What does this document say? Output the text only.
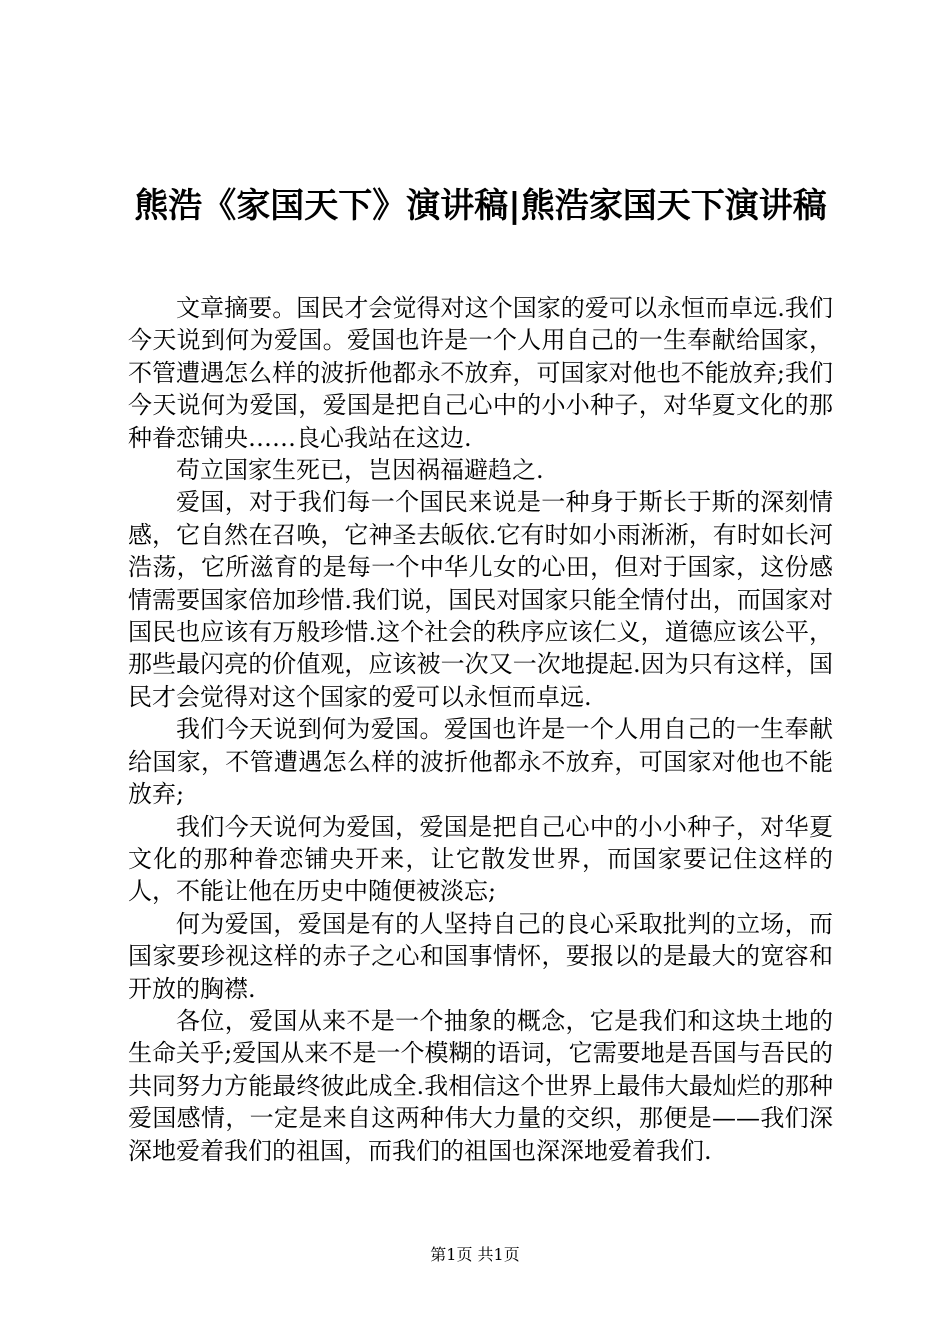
熊浩《家国天下》演讲稿|熊浩家国天下演讲稿

文章摘要。国民才会觉得对这个国家的爱可以永恒而卓远.我们今天说到何为爱国。爱国也许是一个人用自己的一生奉献给国家，不管遭遇怎么样的波折他都永不放弃，可国家对他也不能放弃;我们今天说何为爱国，爱国是把自己心中的小小种子，对华夏文化的那种眷恋铺央……良心我站在这边.

苟立国家生死已，岂因祸福避趋之.

爱国，对于我们每一个国民来说是一种身于斯长于斯的深刻情感，它自然在召唤，它神圣去皈依.它有时如小雨淅淅，有时如长河浩荡，它所滋育的是每一个中华儿女的心田，但对于国家，这份感情需要国家倍加珍惜.我们说，国民对国家只能全情付出，而国家对国民也应该有万般珍惜.这个社会的秩序应该仁义，道德应该公平，那些最闪亮的价值观，应该被一次又一次地提起.因为只有这样，国民才会觉得对这个国家的爱可以永恒而卓远.

我们今天说到何为爱国。爱国也许是一个人用自己的一生奉献给国家，不管遭遇怎么样的波折他都永不放弃，可国家对他也不能放弃;

我们今天说何为爱国，爱国是把自己心中的小小种子，对华夏文化的那种眷恋铺央开来，让它散发世界，而国家要记住这样的人，不能让他在历史中随便被淡忘;

何为爱国，爱国是有的人坚持自己的良心采取批判的立场，而国家要珍视这样的赤子之心和国事情怀，要报以的是最大的宽容和开放的胸襟.

各位，爱国从来不是一个抽象的概念，它是我们和这块土地的生命关乎;爱国从来不是一个模糊的语词，它需要地是吾国与吾民的共同努力方能最终彼此成全.我相信这个世界上最伟大最灿烂的那种爱国感情，一定是来自这两种伟大力量的交织，那便是——我们深深地爱着我们的祖国，而我们的祖国也深深地爱着我们.

第1页 共1页
